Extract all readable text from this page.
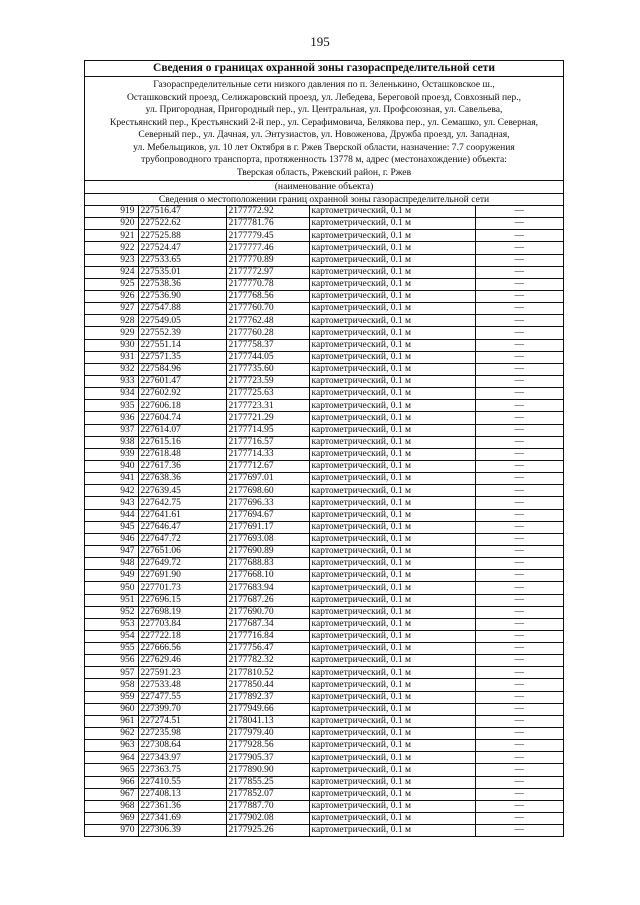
195
Сведения о границах охранной зоны газораспределительной сети
Газораспределительные сети низкого давления по п. Зеленькино, Осташковское ш.,
Осташковский проезд, Селижаровский проезд, ул. Лебедева, Береговой проезд, Совхозный пер.,
ул. Пригородная, Пригородный пер., ул. Центральная, ул. Профсоюзная, ул. Савельева,
Крестьянский пер., Крестьянский 2-й пер., ул. Серафимовича, Белякова пер., ул. Семашко, ул. Северная,
Северный пер., ул. Дачная, ул. Энтузиастов, ул. Новоженова, Дружба проезд, ул. Западная,
ул. Мебельщиков, ул. 10 лет Октября в г. Ржев Тверской области, назначение: 7.7 сооружения
трубопроводного транспорта, протяженность 13778 м, адрес (местонахождение) объекта:
Тверская область, Ржевский район, г. Ржев
(наименование объекта)
Сведения о местоположении границ охранной зоны газораспределительной сети
919	227516.47	2177772.92	картометрический, 0.1 м	—
920	227522.62	2177781.76	картометрический, 0.1 м	—
921	227525.88	2177779.45	картометрический, 0.1 м	—
922	227524.47	2177777.46	картометрический, 0.1 м	—
923	227533.65	2177770.89	картометрический, 0.1 м	—
924	227535.01	2177772.97	картометрический, 0.1 м	—
925	227538.36	2177770.78	картометрический, 0.1 м	—
926	227536.90	2177768.56	картометрический, 0.1 м	—
927	227547.88	2177760.70	картометрический, 0.1 м	—
928	227549.05	2177762.48	картометрический, 0.1 м	—
929	227552.39	2177760.28	картометрический, 0.1 м	—
930	227551.14	2177758.37	картометрический, 0.1 м	—
931	227571.35	2177744.05	картометрический, 0.1 м	—
932	227584.96	2177735.60	картометрический, 0.1 м	—
933	227601.47	2177723.59	картометрический, 0.1 м	—
934	227602.92	2177725.63	картометрический, 0.1 м	—
935	227606.18	2177723.31	картометрический, 0.1 м	—
936	227604.74	2177721.29	картометрический, 0.1 м	—
937	227614.07	2177714.95	картометрический, 0.1 м	—
938	227615.16	2177716.57	картометрический, 0.1 м	—
939	227618.48	2177714.33	картометрический, 0.1 м	—
940	227617.36	2177712.67	картометрический, 0.1 м	—
941	227638.36	2177697.01	картометрический, 0.1 м	—
942	227639.45	2177698.60	картометрический, 0.1 м	—
943	227642.75	2177696.33	картометрический, 0.1 м	—
944	227641.61	2177694.67	картометрический, 0.1 м	—
945	227646.47	2177691.17	картометрический, 0.1 м	—
946	227647.72	2177693.08	картометрический, 0.1 м	—
947	227651.06	2177690.89	картометрический, 0.1 м	—
948	227649.72	2177688.83	картометрический, 0.1 м	—
949	227691.90	2177668.10	картометрический, 0.1 м	—
950	227701.73	2177683.94	картометрический, 0.1 м	—
951	227696.15	2177687.26	картометрический, 0.1 м	—
952	227698.19	2177690.70	картометрический, 0.1 м	—
953	227703.84	2177687.34	картометрический, 0.1 м	—
954	227722.18	2177716.84	картометрический, 0.1 м	—
955	227666.56	2177756.47	картометрический, 0.1 м	—
956	227629.46	2177782.32	картометрический, 0.1 м	—
957	227591.23	2177810.52	картометрический, 0.1 м	—
958	227533.48	2177850.44	картометрический, 0.1 м	—
959	227477.55	2177892.37	картометрический, 0.1 м	—
960	227399.70	2177949.66	картометрический, 0.1 м	—
961	227274.51	2178041.13	картометрический, 0.1 м	—
962	227235.98	2177979.40	картометрический, 0.1 м	—
963	227308.64	2177928.56	картометрический, 0.1 м	—
964	227343.97	2177905.37	картометрический, 0.1 м	—
965	227363.75	2177890.90	картометрический, 0.1 м	—
966	227410.55	2177855.25	картометрический, 0.1 м	—
967	227408.13	2177852.07	картометрический, 0.1 м	—
968	227361.36	2177887.70	картометрический, 0.1 м	—
969	227341.69	2177902.08	картометрический, 0.1 м	—
970	227306.39	2177925.26	картометрический, 0.1 м	—
